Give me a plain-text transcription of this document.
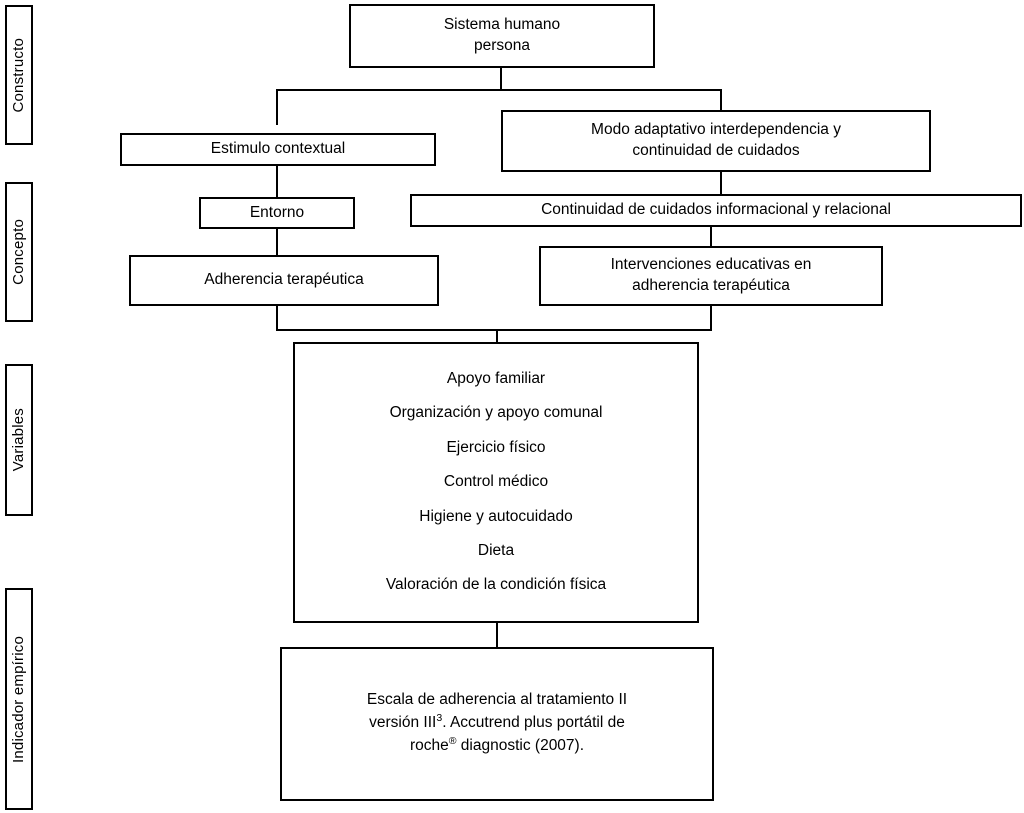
Constructo
Concepto
Variables
Indicador empírico
Sistema humano
persona
Estimulo contextual
Modo adaptativo interdependencia y
continuidad de cuidados
Entorno	Continuidad de cuidados informacional y relacional
Adherencia terapéutica
Intervenciones educativas en
adherencia terapéutica
Apoyo familiar
Organización y apoyo comunal
Ejercicio físico
Control médico
Higiene y autocuidado
Dieta
Valoración de la condición física
Escala de adherencia al tratamiento II
versión III$^3$. Accutrend plus portátil de
roche® diagnostic (2007).
